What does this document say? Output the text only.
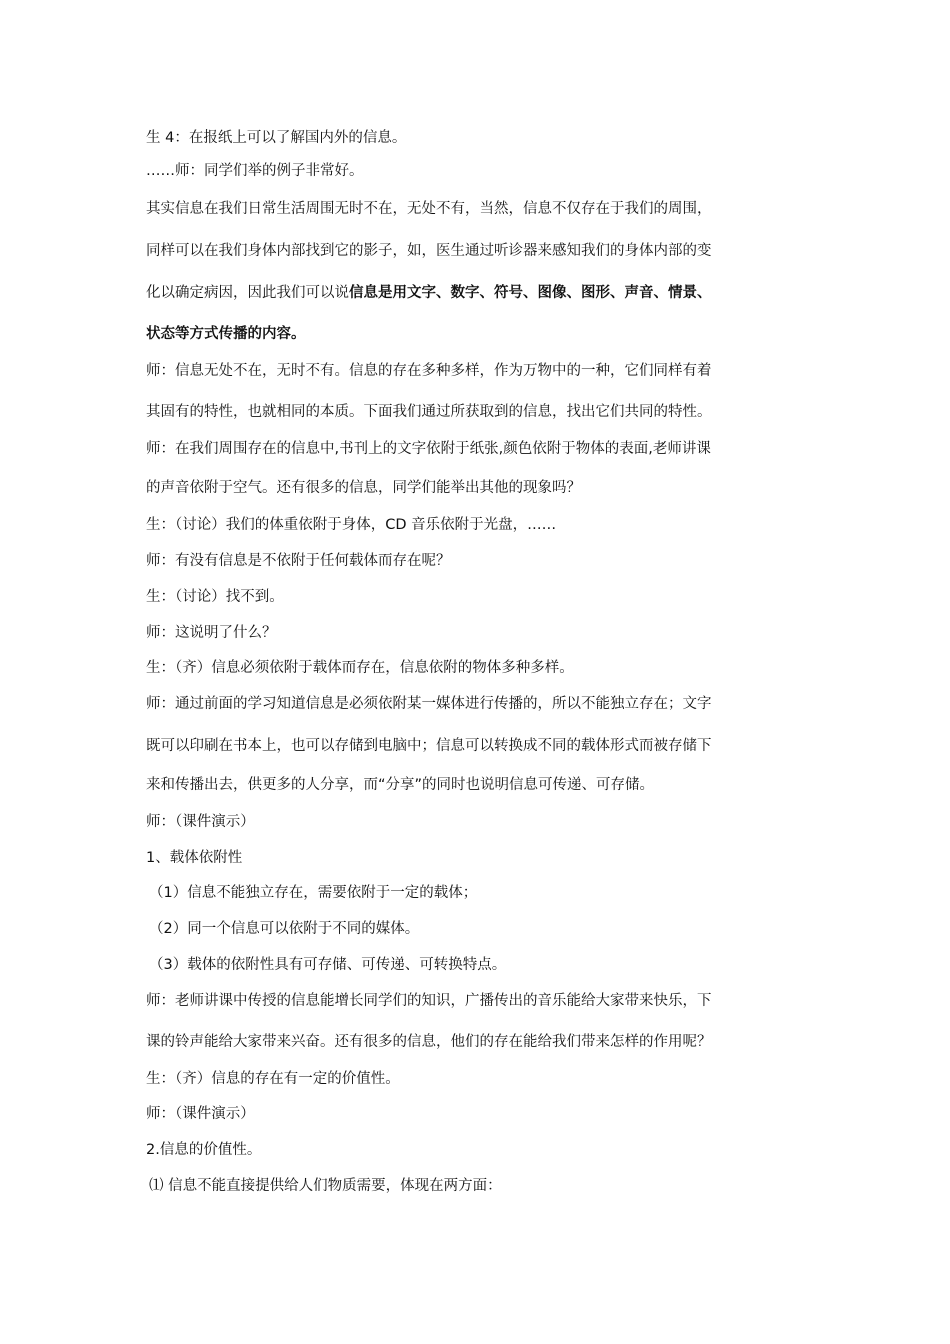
生 4：在报纸上可以了解国内外的信息。
……师：同学们举的例子非常好。
其实信息在我们日常生活周围无时不在，无处不有，当然，信息不仅存在于我们的周围，
同样可以在我们身体内部找到它的影子，如，医生通过听诊器来感知我们的身体内部的变
化以确定病因，因此我们可以说信息是用文字、数字、符号、图像、图形、声音、情景、
状态等方式传播的内容。
师：信息无处不在，无时不有。信息的存在多种多样，作为万物中的一种，它们同样有着
其固有的特性，也就相同的本质。下面我们通过所获取到的信息，找出它们共同的特性。
师：在我们周围存在的信息中,书刊上的文字依附于纸张,颜色依附于物体的表面,老师讲课
的声音依附于空气。还有很多的信息，同学们能举出其他的现象吗？
生：（讨论）我们的体重依附于身体，CD 音乐依附于光盘，……
师：有没有信息是不依附于任何载体而存在呢？
生：（讨论）找不到。
师：这说明了什么？
生：（齐）信息必须依附于载体而存在，信息依附的物体多种多样。
师：通过前面的学习知道信息是必须依附某一媒体进行传播的，所以不能独立存在；文字
既可以印刷在书本上，也可以存储到电脑中；信息可以转换成不同的载体形式而被存储下
来和传播出去，供更多的人分享，而“分享”的同时也说明信息可传递、可存储。
师：（课件演示）
1、载体依附性
（1）信息不能独立存在，需要依附于一定的载体；
（2）同一个信息可以依附于不同的媒体。
（3）载体的依附性具有可存储、可传递、可转换特点。
师：老师讲课中传授的信息能增长同学们的知识，广播传出的音乐能给大家带来快乐，下
课的铃声能给大家带来兴奋。还有很多的信息，他们的存在能给我们带来怎样的作用呢？
生：（齐）信息的存在有一定的价值性。
师：（课件演示）
2.信息的价值性。
⑴ 信息不能直接提供给人们物质需要，体现在两方面：
